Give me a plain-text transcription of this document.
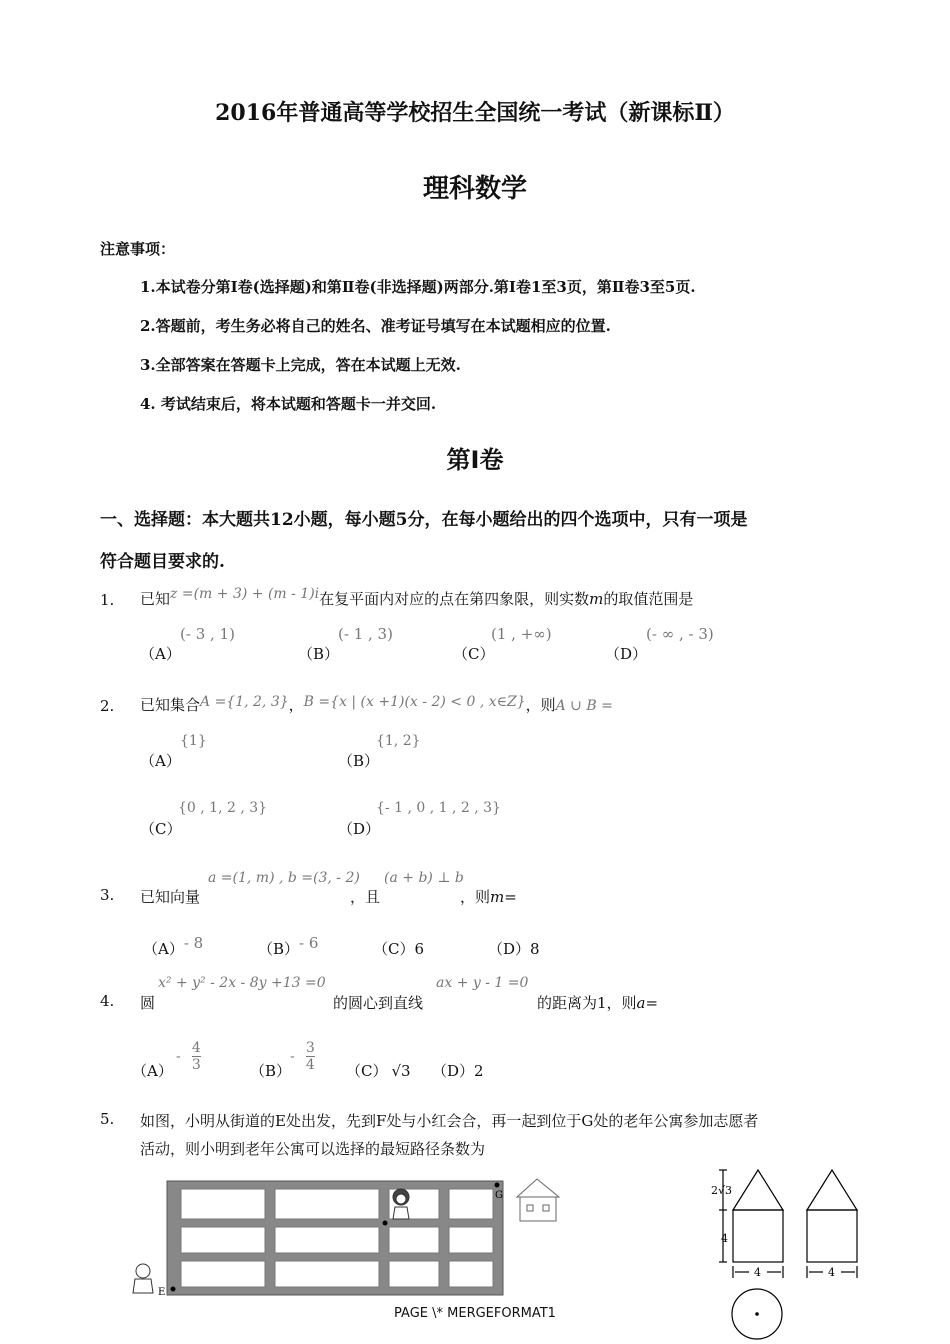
2016年普通高等学校招生全国统一考试（新课标Ⅱ）
理科数学
注意事项：
1.本试卷分第Ⅰ卷(选择题)和第Ⅱ卷(非选择题)两部分.第Ⅰ卷1至3页，第Ⅱ卷3至5页.
2.答题前，考生务必将自己的姓名、准考证号填写在本试题相应的位置.
3.全部答案在答题卡上完成，答在本试题上无效.
4. 考试结束后，将本试题和答题卡一并交回.
第Ⅰ卷
一、选择题：本大题共12小题，每小题5分，在每小题给出的四个选项中，只有一项是
符合题目要求的.
1. 已知z =(m + 3) + (m - 1)i在复平面内对应的点在第四象限，则实数m的取值范围是
（A）
(- 3 , 1)
（B）
(- 1 , 3)
（C）
(1 , +∞)
（D）
(- ∞ , - 3)
2. 已知集合A ={1, 2, 3}，B ={x | (x +1)(x - 2) < 0 , x∈Z}，则A ∪ B =
（A）
{1}
（B）
{1, 2}
（C）
{0 , 1, 2 , 3}
（D）
{- 1 , 0 , 1 , 2 , 3}
3. 已知向量
a =(1, m) , b =(3, - 2)
，且
(a + b) ⊥ b
，则m=
（A）- 8	（B）- 6	（C）6	（D）8
4. 圆
x² + y² - 2x - 8y +13 =0
的圆心到直线
ax + y - 1 =0
的距离为1，则a=
（A）
- $\frac{4}{3}$	（B）
- $\frac{3}{4} (C)$ √3 （D）2
5. 如图，小明从街道的E处出发，先到F处与小红会合，再一起到位于G处的老年公寓参加志愿者
活动，则小明到老年公寓可以选择的最短路径条数为
E
G	2√3
4
4	4
PAGE \* MERGEFORMAT1
